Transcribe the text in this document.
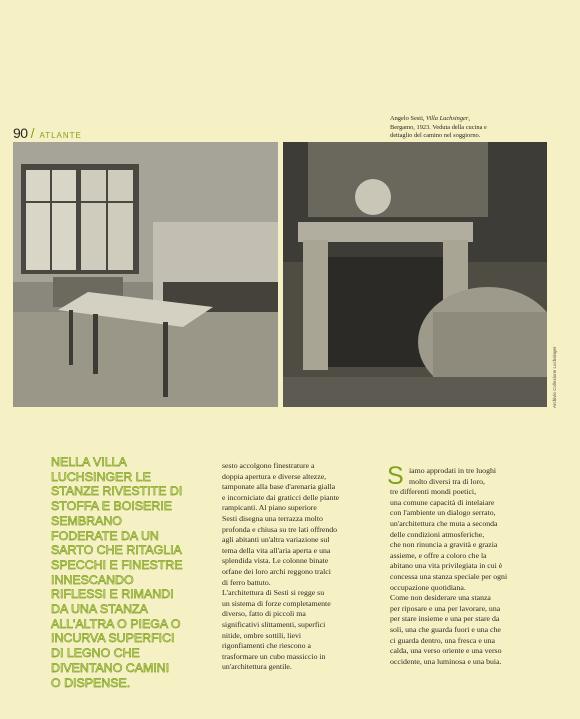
90 / ATLANTE
Angelo Sesti, Villa Luchsinger,
Bergamo, 1923. Veduta della cucina e
dettaglio del camino nel soggiorno.
Archivio Collezione Luchsinger
NELLA VILLA
LUCHSINGER LE
STANZE RIVESTITE DI
STOFFA E BOISERIE
SEMBRANO
FODERATE DA UN
SARTO CHE RITAGLIA
SPECCHI E FINESTRE
INNESCANDO
RIFLESSI E RIMANDI
DA UNA STANZA
ALL'ALTRA O PIEGA O
INCURVA SUPERFICI
DI LEGNO CHE
DIVENTANO CAMINI
O DISPENSE.
sesto accolgono finestrature a
doppia apertura e diverse altezze,
tamponate alla base d'arenaria gialla
e incorniciate dai graticci delle piante
rampicanti. Al piano superiore
Sesti disegna una terrazza molto
profonda e chiusa su tre lati offrendo
agli abitanti un'altra variazione sul
tema della vita all'aria aperta e una
splendida vista. Le colonne binate
orfane dei loro archi reggono tralci
di ferro battuto.
L'architettura di Sesti si regge su
un sistema di forze completamente
diverso, fatto di piccoli ma
significativi slittamenti, superfici
nitide, ombre sottili, lievi
rigonfiamenti che riescono a
trasformare un cubo massiccio in
un'architettura gentile.
S iamo approdati in tre luoghi
molto diversi tra di loro,
tre differenti mondi poetici,
una comune capacità di intelaiare
con l'ambiente un dialogo serrato,
un'architettura che muta a seconda
delle condizioni atmosferiche,
che non rinuncia a gravità e grazia
assieme, e offre a coloro che la
abitano una vita privilegiata in cui è
concessa una stanza speciale per ogni
occupazione quotidiana.
Come non desiderare una stanza
per riposare e una per lavorare, una
per stare insieme e una per stare da
soli, una che guarda fuori e una che
ci guarda dentro, una fresca e una
calda, una verso oriente e una verso
occidente, una luminosa e una buia.
